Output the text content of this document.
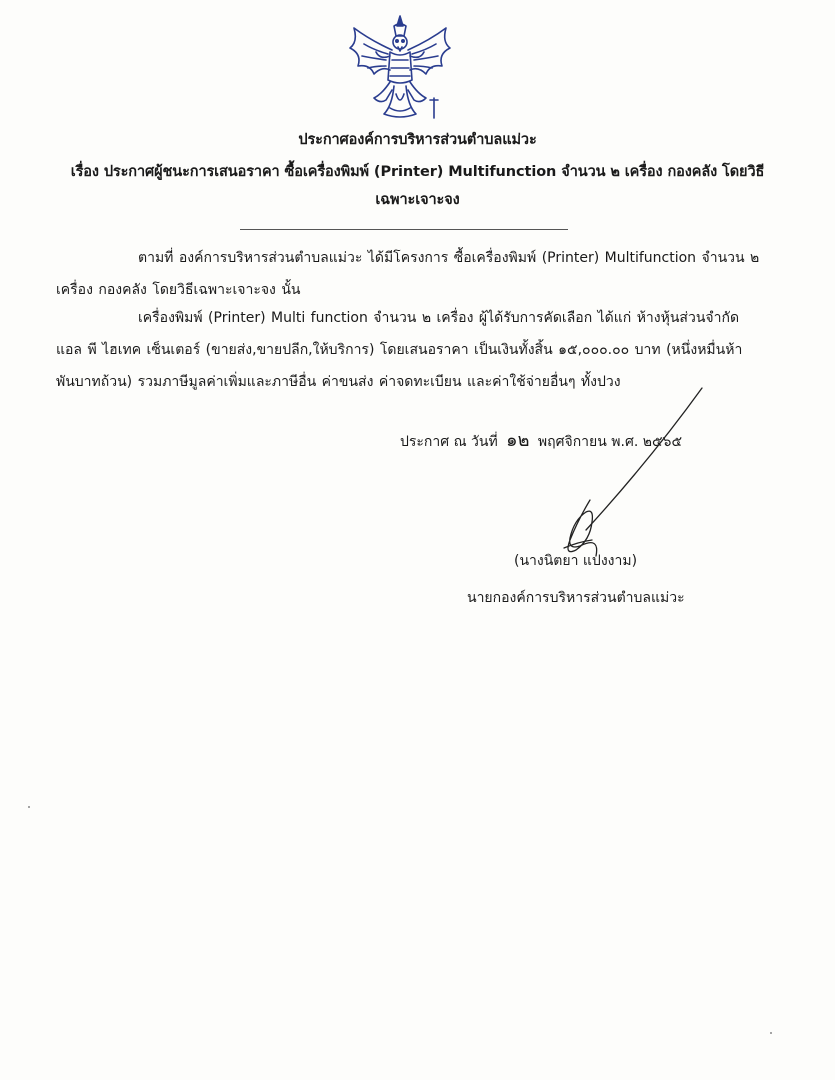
ประกาศองค์การบริหารส่วนตำบลแม่วะ
เรื่อง ประกาศผู้ชนะการเสนอราคา ซื้อเครื่องพิมพ์ (Printer) Multifunction จำนวน ๒ เครื่อง กองคลัง โดยวิธี
เฉพาะเจาะจง
ตามที่ องค์การบริหารส่วนตำบลแม่วะ ได้มีโครงการ ซื้อเครื่องพิมพ์ (Printer) Multifunction จำนวน ๒
เครื่อง กองคลัง โดยวิธีเฉพาะเจาะจง นั้น
เครื่องพิมพ์ (Printer) Multi function จำนวน ๒ เครื่อง ผู้ได้รับการคัดเลือก ได้แก่ ห้างหุ้นส่วนจำกัด
แอล พี ไฮเทค เซ็นเตอร์ (ขายส่ง,ขายปลีก,ให้บริการ) โดยเสนอราคา เป็นเงินทั้งสิ้น ๑๕,๐๐๐.๐๐ บาท (หนึ่งหมื่นห้า
พันบาทถ้วน) รวมภาษีมูลค่าเพิ่มและภาษีอื่น ค่าขนส่ง ค่าจดทะเบียน และค่าใช้จ่ายอื่นๆ ทั้งปวง
ประกาศ ณ วันที่ ๑๒ พฤศจิกายน พ.ศ. ๒๕๖๕
(นางนิตยา แปงงาม)
นายกองค์การบริหารส่วนตำบลแม่วะ
